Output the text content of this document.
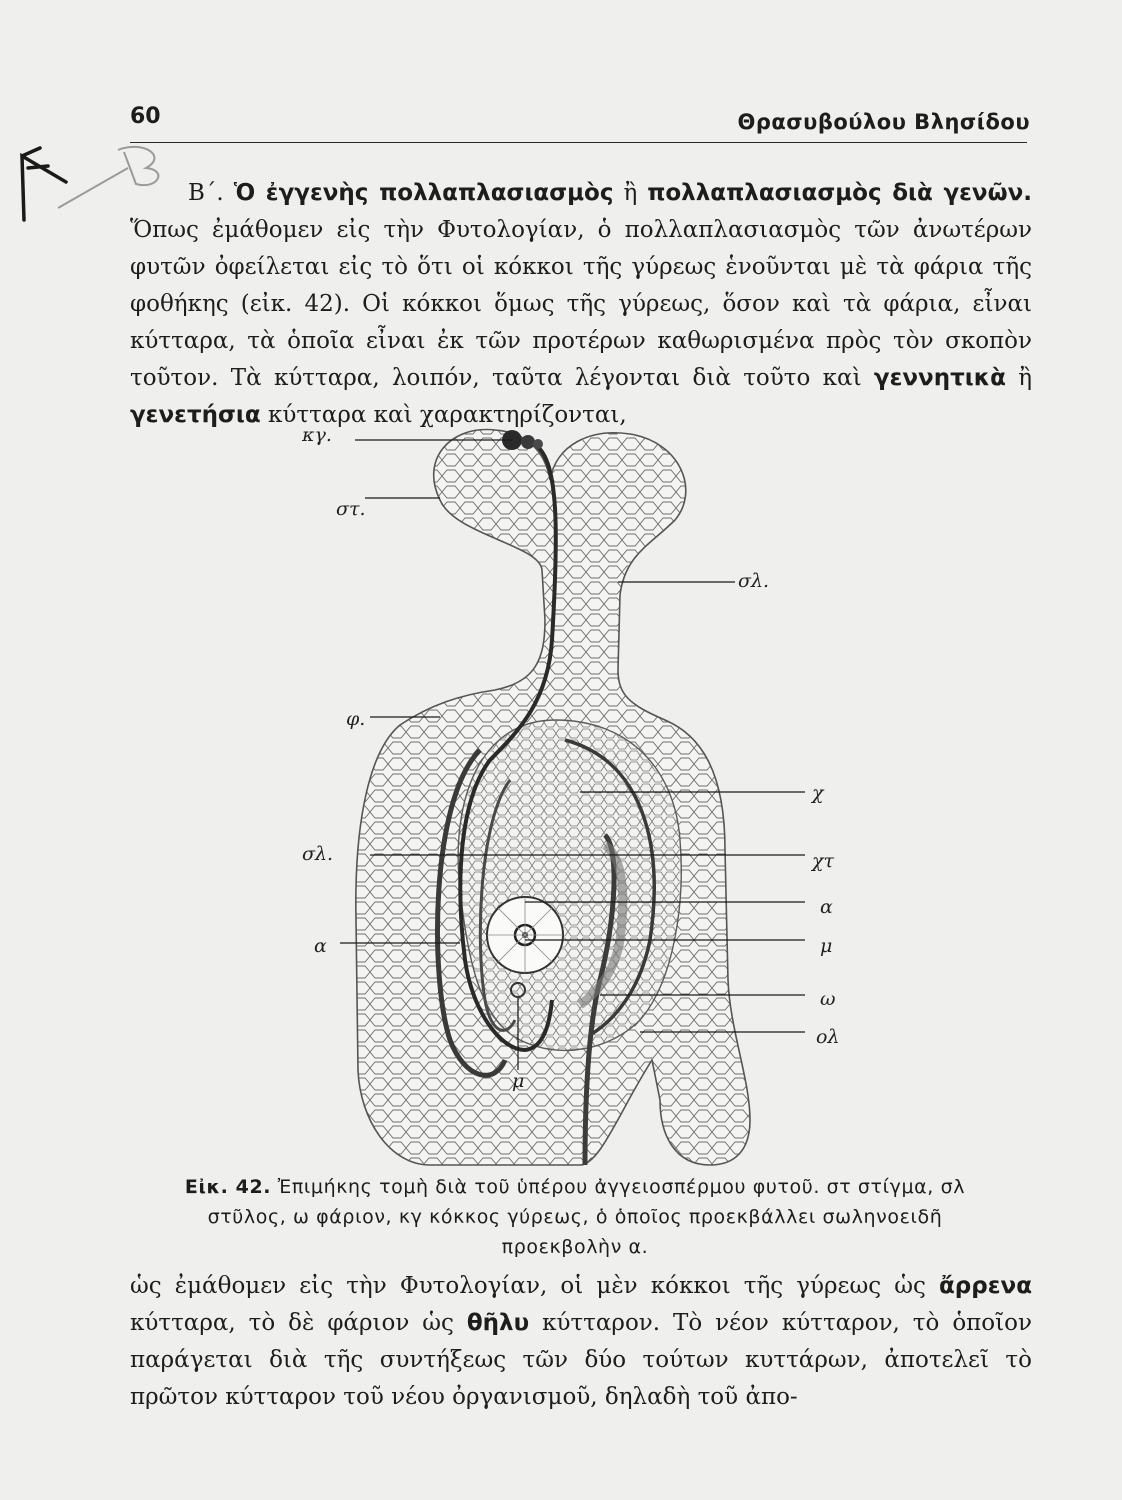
60	Θρασυβούλου Βλησίδου

Β΄. Ὁ ἐγγενὴς πολλαπλασιασμὸς ἢ πολλαπλασιασμὸς διὰ γενῶν. Ὅπως ἐμάθομεν εἰς τὴν Φυτολογίαν, ὁ πολλαπλασιασμὸς τῶν ἀνωτέρων φυτῶν ὀφείλεται εἰς τὸ ὅτι οἱ κόκκοι τῆς γύρεως ἑνοῦνται μὲ τὰ φάρια τῆς φοθήκης (εἰκ. 42). Οἱ κόκκοι ὅμως τῆς γύρεως, ὅσον καὶ τὰ φάρια, εἶναι κύτταρα, τὰ ὁποῖα εἶναι ἐκ τῶν προτέρων καθωρισμένα πρὸς τὸν σκοπὸν τοῦτον. Τὰ κύτταρα, λοιπόν, ταῦτα λέγονται διὰ τοῦτο καὶ γεννητικὰ ἢ γενετήσια κύτταρα καὶ χαρακτηρίζονται,

κγ.
στ.
σλ.
φ.
χ
σλ.	χτ
α
α	μ
ω
ολ
μ
Εἰκ. 42. Ἐπιμήκης τομὴ διὰ τοῦ ὑπέρου ἀγγειοσπέρμου φυτοῦ. στ στίγμα, σλ στῦλος, ω φάριον, κγ κόκκος γύρεως, ὁ ὁποῖος προεκβάλλει σωληνοειδῆ προεκβολὴν α.

ὡς ἐμάθομεν εἰς τὴν Φυτολογίαν, οἱ μὲν κόκκοι τῆς γύρεως ὡς ἄρρενα κύτταρα, τὸ δὲ φάριον ὡς θῆλυ κύτταρον. Τὸ νέον κύτταρον, τὸ ὁποῖον παράγεται διὰ τῆς συντήξεως τῶν δύο τούτων κυττάρων, ἀποτελεῖ τὸ πρῶτον κύτταρον τοῦ νέου ὀργανισμοῦ, δηλαδὴ τοῦ ἀπο-
